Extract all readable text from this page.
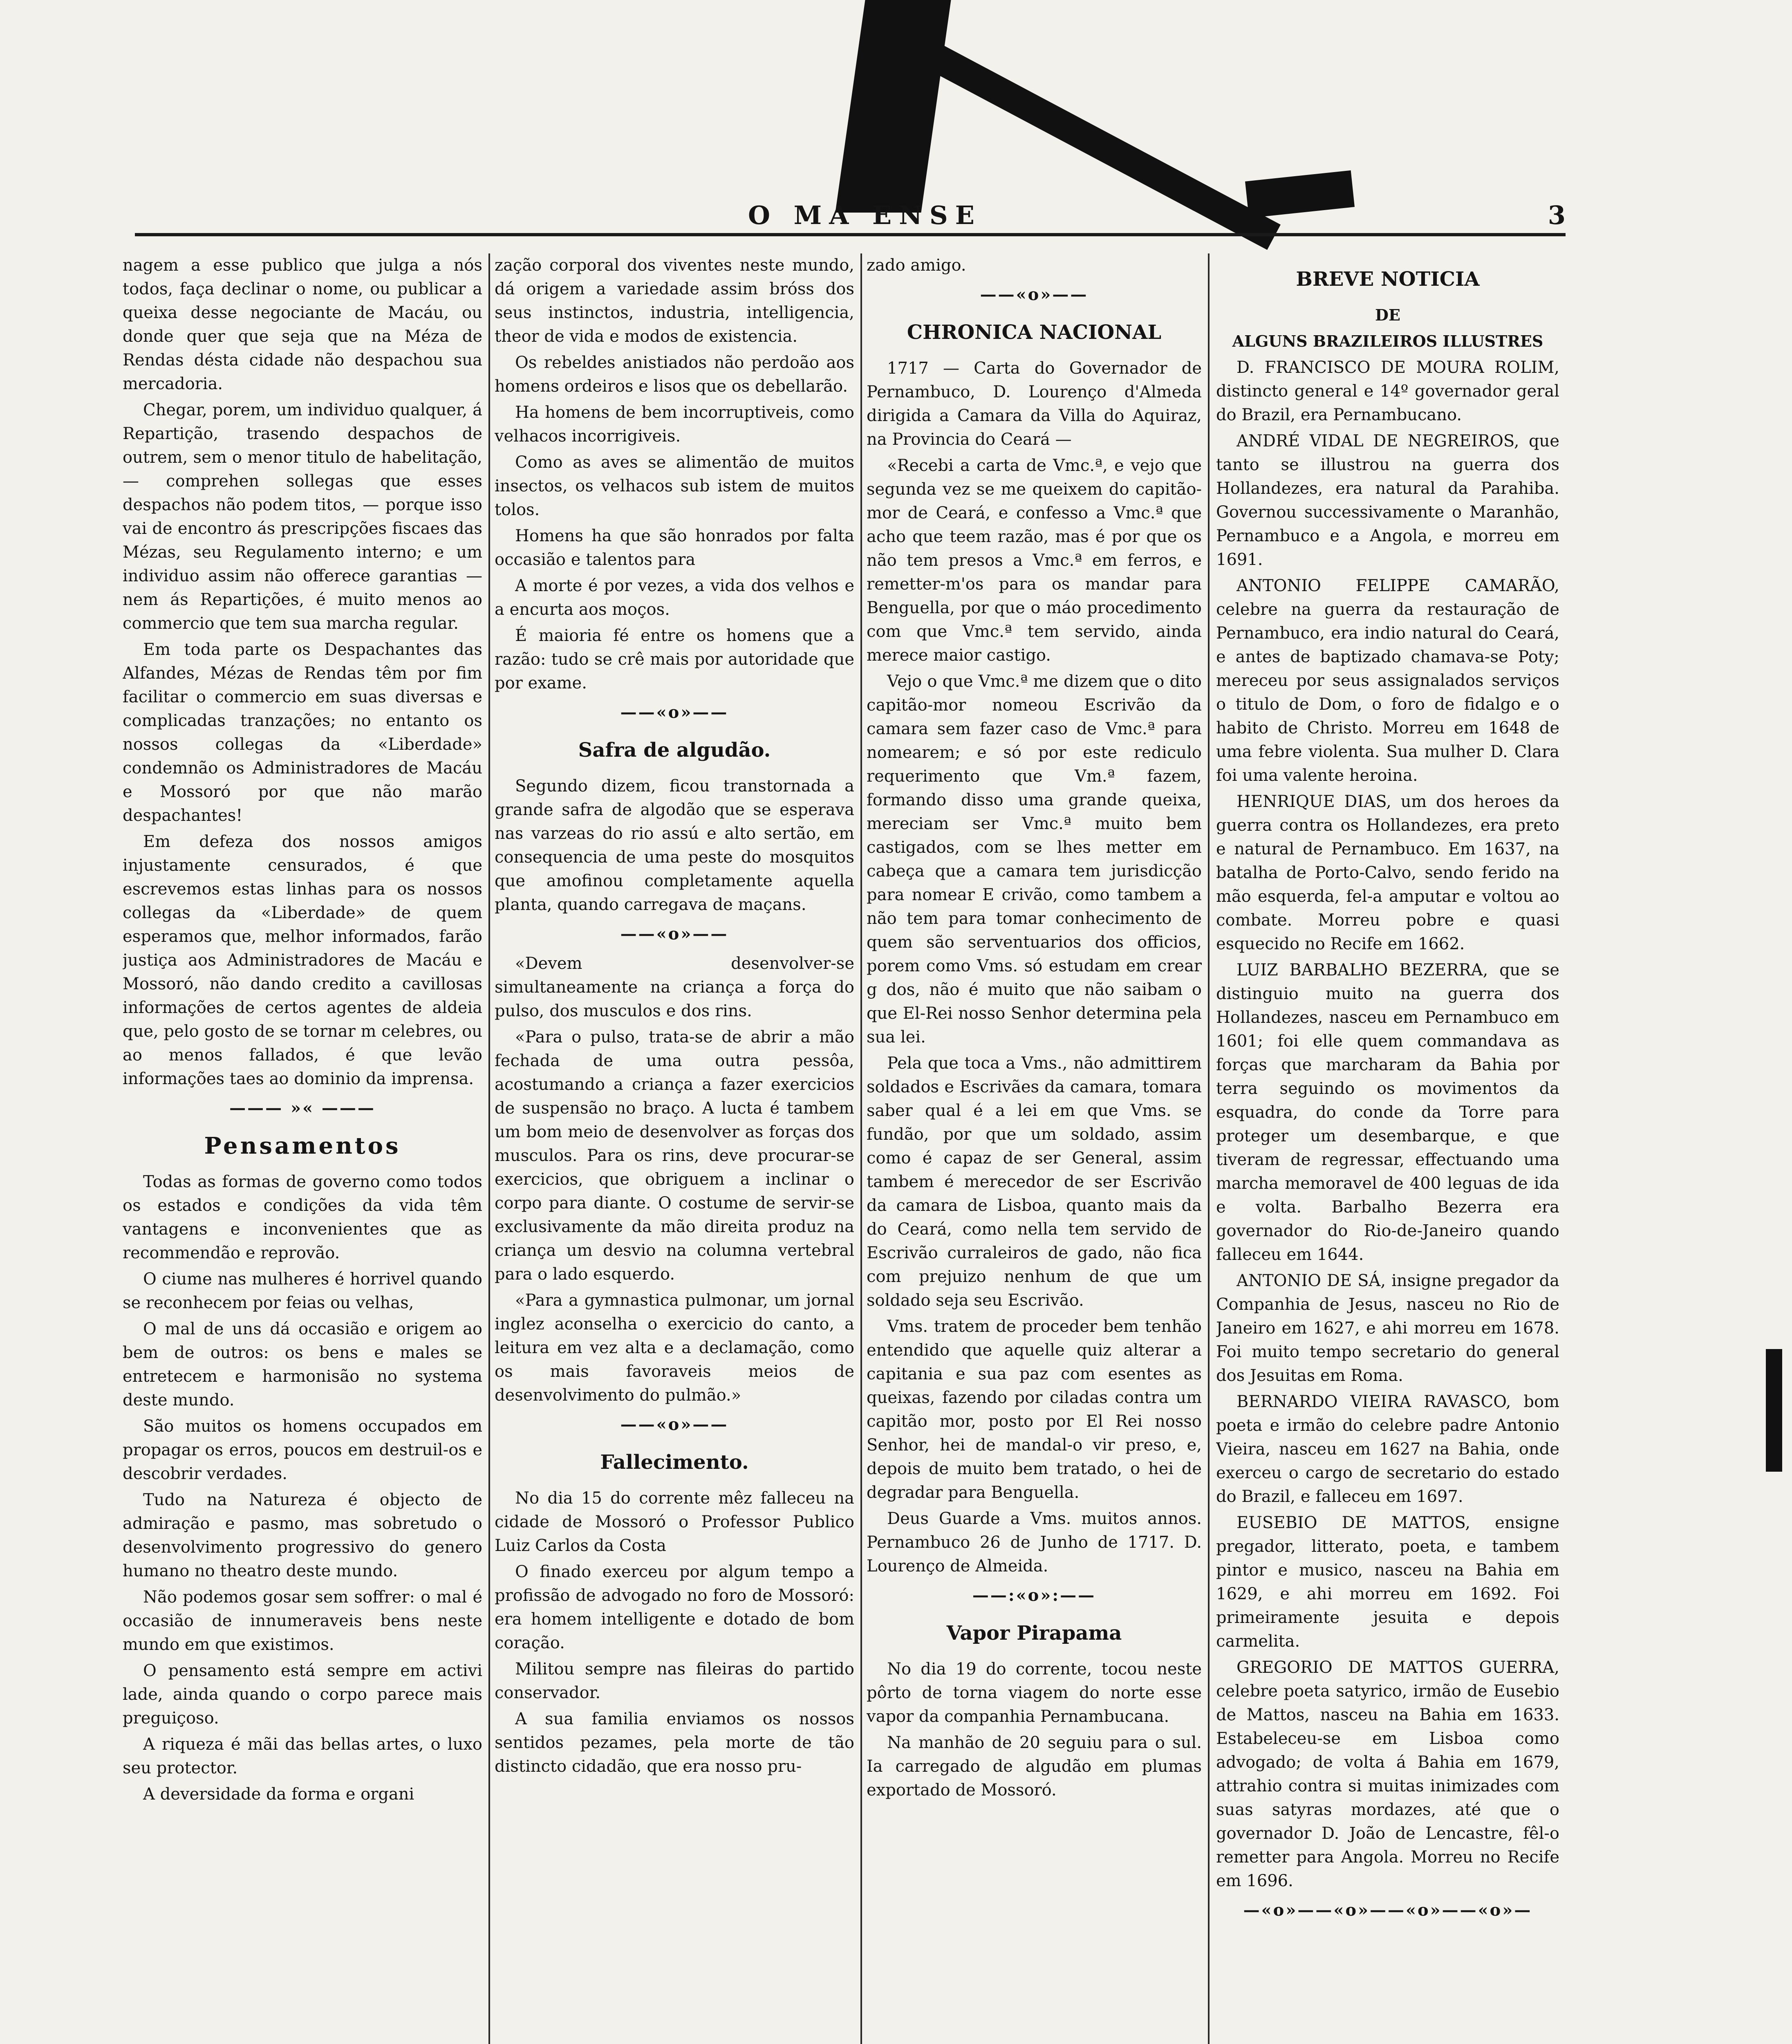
O MA ENSE	3

nagem a esse publico que julga a nós todos, faça declinar o nome, ou publicar a queixa desse negociante de Macáu, ou donde quer que seja que na Méza de Rendas désta cidade não despachou sua mercadoria.

Chegar, porem, um individuo qualquer, á Repartição, trasendo despachos de outrem, sem o menor titulo de habelitação, — comprehen sollegas que esses despachos não podem titos, — porque isso vai de encontro ás prescripções fiscaes das Mézas, seu Regulamento interno; e um individuo assim não offerece garantias — nem ás Repartições, é muito menos ao commercio que tem sua marcha regular.

Em toda parte os Despachantes das Alfandes, Mézas de Rendas têm por fim facilitar o commercio em suas diversas e complicadas tranzações; no entanto os nossos collegas da «Liberdade» condemnão os Administradores de Macáu e Mossoró por que não marão despachantes!

Em defeza dos nossos amigos injustamente censurados, é que escrevemos estas linhas para os nossos collegas da «Liberdade» de quem esperamos que, melhor informados, farão justiça aos Administradores de Macáu e Mossoró, não dando credito a cavillosas informações de certos agentes de aldeia que, pelo gosto de se tornar m celebres, ou ao menos fallados, é que levão informações taes ao dominio da imprensa.

——— »« ———

Pensamentos

Todas as formas de governo como todos os estados e condições da vida têm vantagens e inconvenientes que as recommendão e reprovão.

O ciume nas mulheres é horrivel quando se reconhecem por feias ou velhas,

O mal de uns dá occasião e origem ao bem de outros: os bens e males se entretecem e harmonisão no systema deste mundo.

São muitos os homens occupados em propagar os erros, poucos em destruil-os e descobrir verdades.

Tudo na Natureza é objecto de admiração e pasmo, mas sobretudo o desenvolvimento progressivo do genero humano no theatro deste mundo.

Não podemos gosar sem soffrer: o mal é occasião de innumeraveis bens neste mundo em que existimos.

O pensamento está sempre em activi lade, ainda quando o corpo parece mais preguiçoso.

A riqueza é mãi das bellas artes, o luxo seu protector.

A deversidade da forma e organi

zação corporal dos viventes neste mundo, dá origem a variedade assim bróss dos seus instinctos, industria, intelligencia, theor de vida e modos de existencia.

Os rebeldes anistiados não perdoão aos homens ordeiros e lisos que os debellarão.

Ha homens de bem incorruptiveis, como velhacos incorrigiveis.

Como as aves se alimentão de muitos insectos, os velhacos sub istem de muitos tolos.

Homens ha que são honrados por falta occasião e talentos para

A morte é por vezes, a vida dos velhos e a encurta aos moços.

É maioria fé entre os homens que a razão: tudo se crê mais por autoridade que por exame.

——«o»——

Safra de algudão.

Segundo dizem, ficou transtornada a grande safra de algodão que se esperava nas varzeas do rio assú e alto sertão, em consequencia de uma peste do mosquitos que amofinou completamente aquella planta, quando carregava de maçans.

——«o»——

«Devem desenvolver-se simultaneamente na criança a força do pulso, dos musculos e dos rins.

«Para o pulso, trata-se de abrir a mão fechada de uma outra pessôa, acostumando a criança a fazer exercicios de suspensão no braço. A lucta é tambem um bom meio de desenvolver as forças dos musculos. Para os rins, deve procurar-se exercicios, que obriguem a inclinar o corpo para diante. O costume de servir-se exclusivamente da mão direita produz na criança um desvio na columna vertebral para o lado esquerdo.

«Para a gymnastica pulmonar, um jornal inglez aconselha o exercicio do canto, a leitura em vez alta e a declamação, como os mais favoraveis meios de desenvolvimento do pulmão.»

——«o»——

Fallecimento.

No dia 15 do corrente mêz falleceu na cidade de Mossoró o Professor Publico Luiz Carlos da Costa

O finado exerceu por algum tempo a profissão de advogado no foro de Mossoró: era homem intelligente e dotado de bom coração.

Militou sempre nas fileiras do partido conservador.

A sua familia enviamos os nossos sentidos pezames, pela morte de tão distincto cidadão, que era nosso pru-

zado amigo.

——«o»——

CHRONICA NACIONAL

1717 — Carta do Governador de Pernambuco, D. Lourenço d'Almeda dirigida a Camara da Villa do Aquiraz, na Provincia do Ceará —

«Recebi a carta de Vmc.ª, e vejo que segunda vez se me queixem do capitão-mor de Ceará, e confesso a Vmc.ª que acho que teem razão, mas é por que os não tem presos a Vmc.ª em ferros, e remetter-m'os para os mandar para Benguella, por que o máo procedimento com que Vmc.ª tem servido, ainda merece maior castigo.

Vejo o que Vmc.ª me dizem que o dito capitão-mor nomeou Escrivão da camara sem fazer caso de Vmc.ª para nomearem; e só por este rediculo requerimento que Vm.ª fazem, formando disso uma grande queixa, mereciam ser Vmc.ª muito bem castigados, com se lhes metter em cabeça que a camara tem jurisdicção para nomear E crivão, como tambem a não tem para tomar conhecimento de quem são serventuarios dos officios, porem como Vms. só estudam em crear g dos, não é muito que não saibam o que El-Rei nosso Senhor determina pela sua lei.

Pela que toca a Vms., não admittirem soldados e Escrivães da camara, tomara saber qual é a lei em que Vms. se fundão, por que um soldado, assim como é capaz de ser General, assim tambem é merecedor de ser Escrivão da camara de Lisboa, quanto mais da do Ceará, como nella tem servido de Escrivão curraleiros de gado, não fica com prejuizo nenhum de que um soldado seja seu Escrivão.

Vms. tratem de proceder bem tenhão entendido que aquelle quiz alterar a capitania e sua paz com esentes as queixas, fazendo por ciladas contra um capitão mor, posto por El Rei nosso Senhor, hei de mandal-o vir preso, e, depois de muito bem tratado, o hei de degradar para Benguella.

Deus Guarde a Vms. muitos annos. Pernambuco 26 de Junho de 1717. D. Lourenço de Almeida.

——:«o»:——

Vapor Pirapama

No dia 19 do corrente, tocou neste pôrto de torna viagem do norte esse vapor da companhia Pernambucana.

Na manhão de 20 seguiu para o sul. Ia carregado de algudão em plumas exportado de Mossoró.

BREVE NOTICIA

DE

ALGUNS BRAZILEIROS ILLUSTRES

D. FRANCISCO DE MOURA ROLIM, distincto general e 14º governador geral do Brazil, era Pernambucano.

ANDRÉ VIDAL DE NEGREIROS, que tanto se illustrou na guerra dos Hollandezes, era natural da Parahiba. Governou successivamente o Maranhão, Pernambuco e a Angola, e morreu em 1691.

ANTONIO FELIPPE CAMARÃO, celebre na guerra da restauração de Pernambuco, era indio natural do Ceará, e antes de baptizado chamava-se Poty; mereceu por seus assignalados serviços o titulo de Dom, o foro de fidalgo e o habito de Christo. Morreu em 1648 de uma febre violenta. Sua mulher D. Clara foi uma valente heroina.

HENRIQUE DIAS, um dos heroes da guerra contra os Hollandezes, era preto e natural de Pernambuco. Em 1637, na batalha de Porto-Calvo, sendo ferido na mão esquerda, fel-a amputar e voltou ao combate. Morreu pobre e quasi esquecido no Recife em 1662.

LUIZ BARBALHO BEZERRA, que se distinguio muito na guerra dos Hollandezes, nasceu em Pernambuco em 1601; foi elle quem commandava as forças que marcharam da Bahia por terra seguindo os movimentos da esquadra, do conde da Torre para proteger um desembarque, e que tiveram de regressar, effectuando uma marcha memoravel de 400 leguas de ida e volta. Barbalho Bezerra era governador do Rio-de-Janeiro quando falleceu em 1644.

ANTONIO DE SÁ, insigne pregador da Companhia de Jesus, nasceu no Rio de Janeiro em 1627, e ahi morreu em 1678. Foi muito tempo secretario do general dos Jesuitas em Roma.

BERNARDO VIEIRA RAVASCO, bom poeta e irmão do celebre padre Antonio Vieira, nasceu em 1627 na Bahia, onde exerceu o cargo de secretario do estado do Brazil, e falleceu em 1697.

EUSEBIO DE MATTOS, ensigne pregador, litterato, poeta, e tambem pintor e musico, nasceu na Bahia em 1629, e ahi morreu em 1692. Foi primeiramente jesuita e depois carmelita.

GREGORIO DE MATTOS GUERRA, celebre poeta satyrico, irmão de Eusebio de Mattos, nasceu na Bahia em 1633. Estabeleceu-se em Lisboa como advogado; de volta á Bahia em 1679, attrahio contra si muitas inimizades com suas satyras mordazes, até que o governador D. João de Lencastre, fêl-o remetter para Angola. Morreu no Recife em 1696.

—«o»——«o»——«o»——«o»—
